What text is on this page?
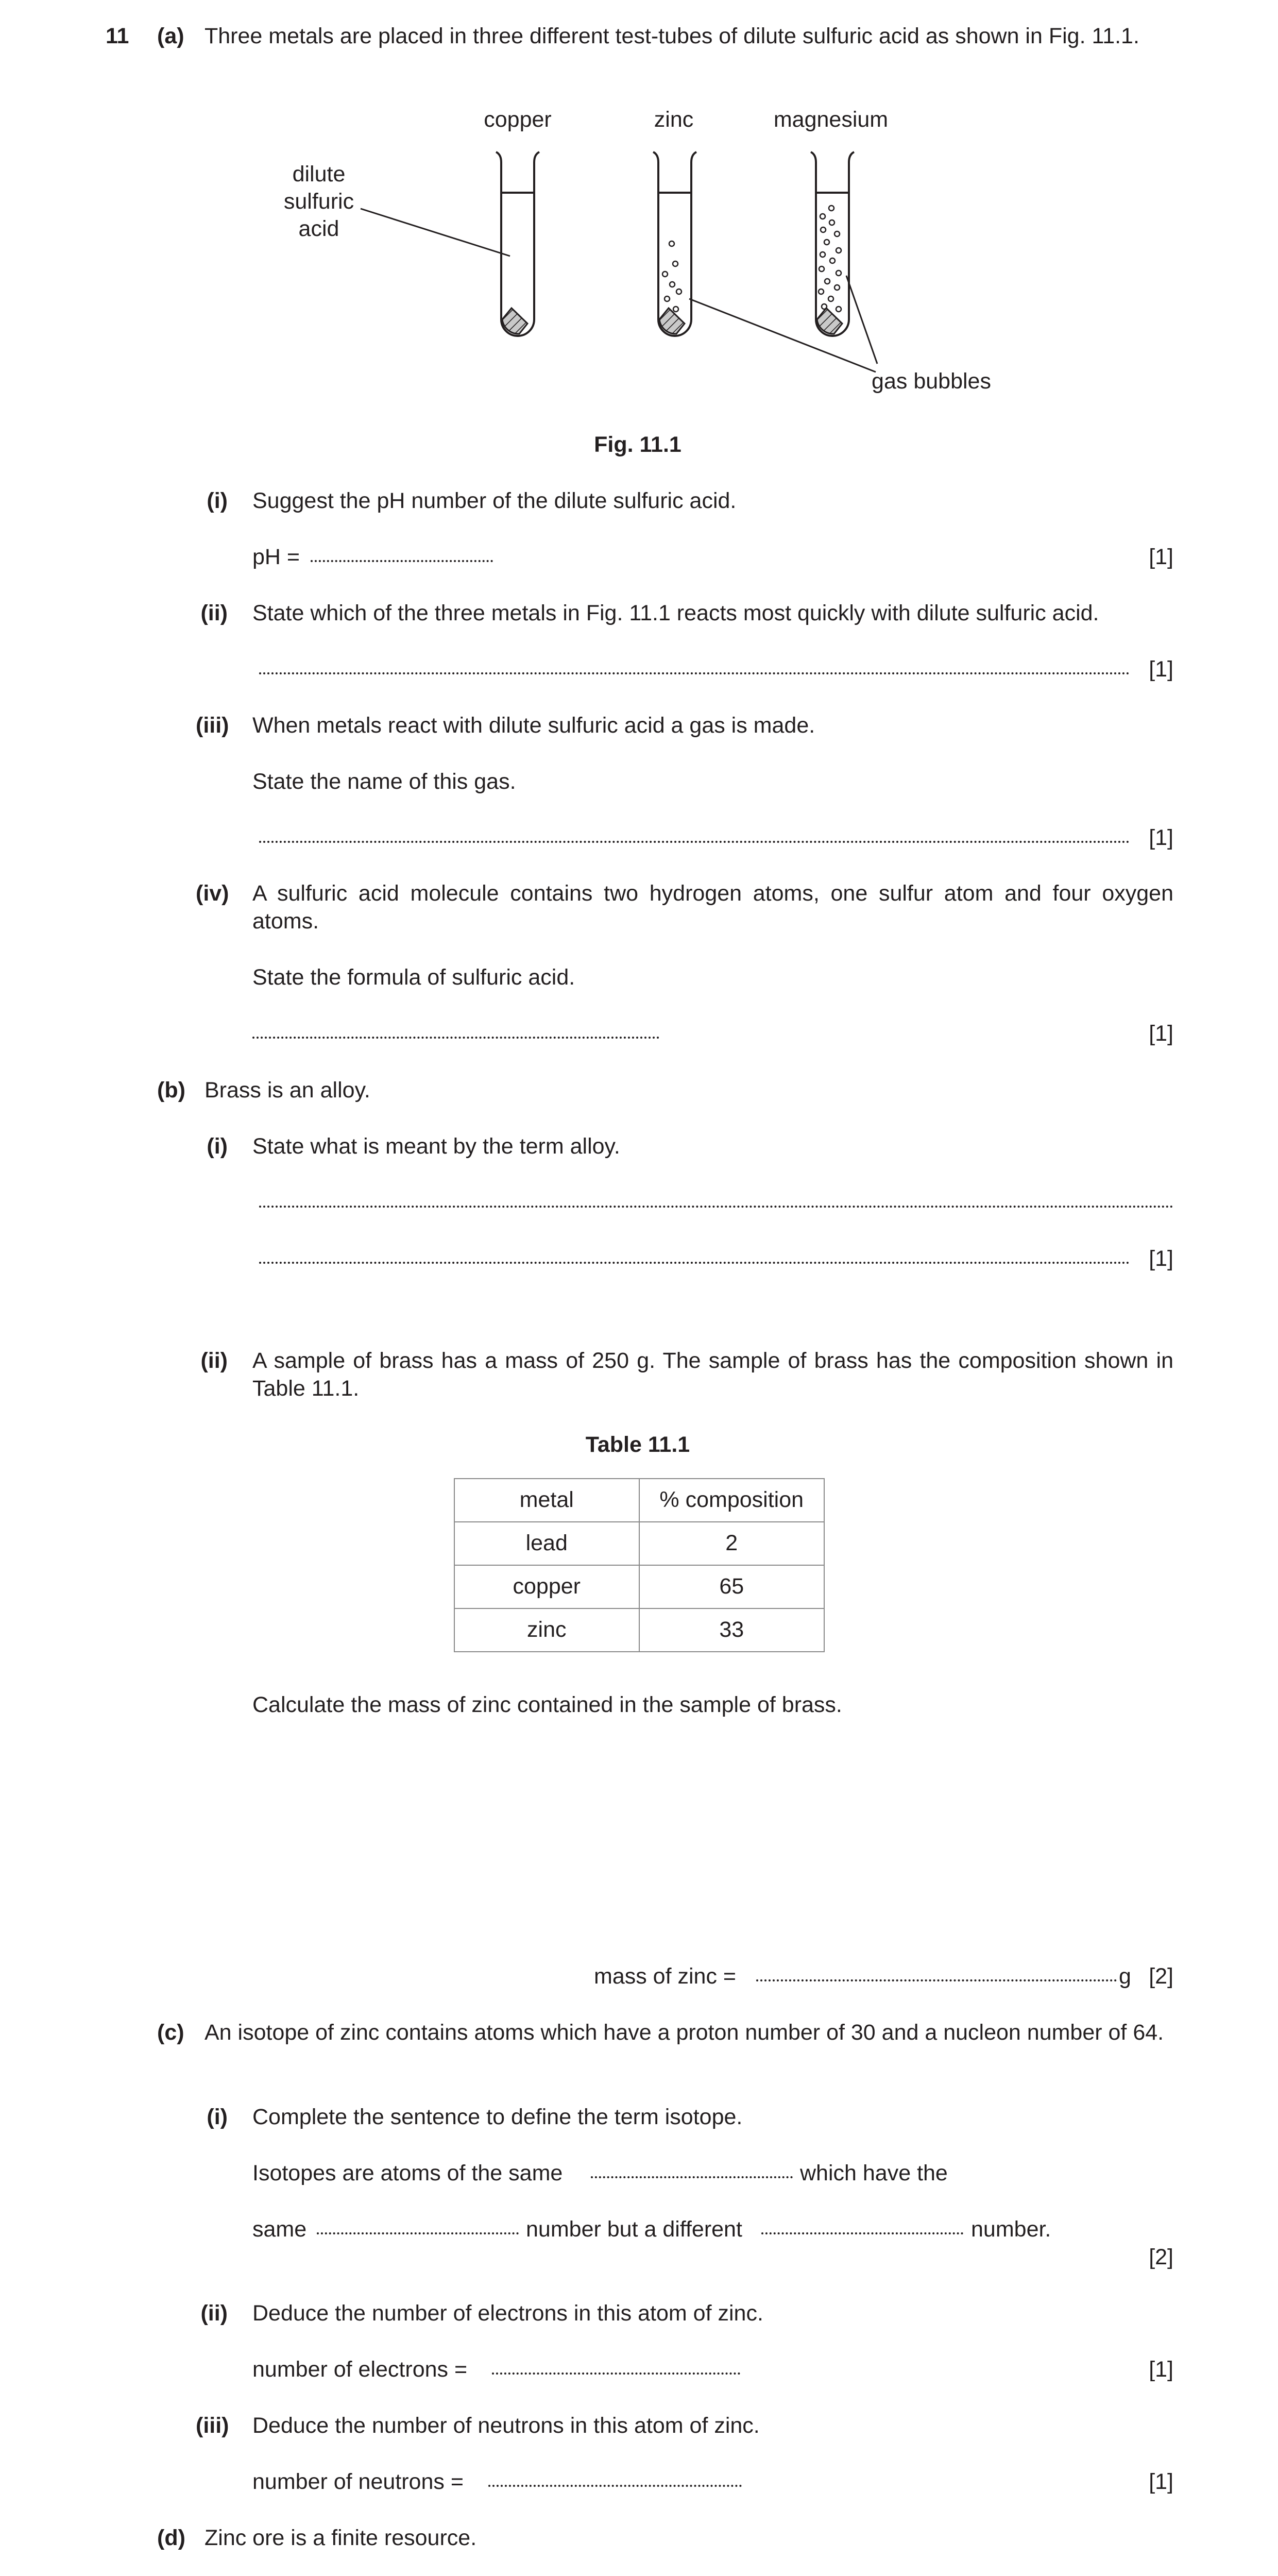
11 (a) Three metals are placed in three different test-tubes of dilute sulfuric acid as shown in Fig. 11.1.
copper	zinc	magnesium
dilute
sulfuric
acid
gas bubbles
Fig. 11.1
(i) Suggest the pH number of the dilute sulfuric acid.
pH =	[1]
(ii) State which of the three metals in Fig. 11.1 reacts most quickly with dilute sulfuric acid.
[1]
(iii) When metals react with dilute sulfuric acid a gas is made.
State the name of this gas.
[1]
(iv) A sulfuric acid molecule contains two hydrogen atoms, one sulfur atom and four oxygen atoms.
State the formula of sulfuric acid.
[1]
(b) Brass is an alloy.
(i) State what is meant by the term alloy.
[1]
(ii) A sample of brass has a mass of 250 g. The sample of brass has the composition shown in Table 11.1.
Table 11.1
metal	% composition
lead	2
copper	65
zinc	33
Calculate the mass of zinc contained in the sample of brass.
mass of zinc =	g [2]
(c) An isotope of zinc contains atoms which have a proton number of 30 and a nucleon number of 64.
(i) Complete the sentence to define the term isotope.
Isotopes are atoms of the same	which have the
same	number but a different	number.
[2]
(ii) Deduce the number of electrons in this atom of zinc.
number of electrons =	[1]
(iii) Deduce the number of neutrons in this atom of zinc.
number of neutrons =	[1]
(d) Zinc ore is a finite resource.
